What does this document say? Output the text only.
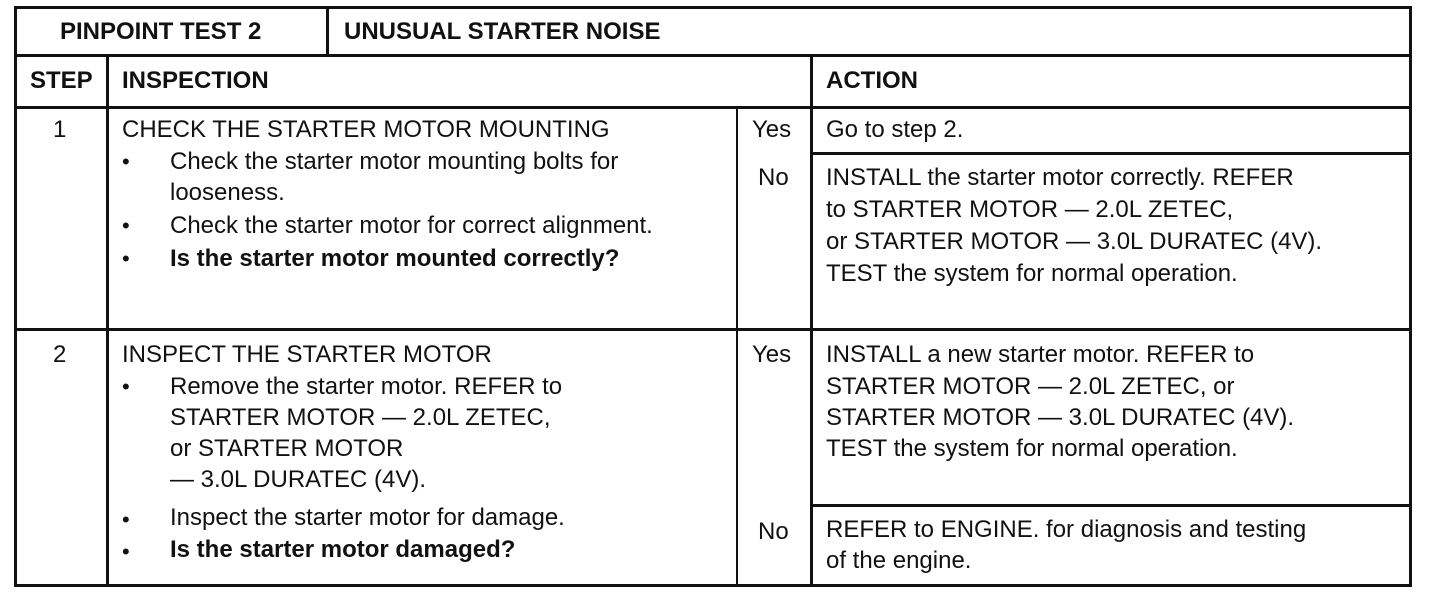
PINPOINT TEST 2	UNUSUAL STARTER NOISE
STEP INSPECTION	ACTION
1 CHECK THE STARTER MOTOR MOUNTING
• Check the starter motor mounting bolts for
looseness.
• Check the starter motor for correct alignment.
• Is the starter motor mounted correctly?
Yes Go to step 2.
No INSTALL the starter motor correctly. REFER
to STARTER MOTOR — 2.0L ZETEC,
or STARTER MOTOR — 3.0L DURATEC (4V).
TEST the system for normal operation.
2 INSPECT THE STARTER MOTOR
• Remove the starter motor. REFER to
STARTER MOTOR — 2.0L ZETEC,
or STARTER MOTOR
— 3.0L DURATEC (4V).
• Inspect the starter motor for damage.
• Is the starter motor damaged?
Yes INSTALL a new starter motor. REFER to
STARTER MOTOR — 2.0L ZETEC, or
STARTER MOTOR — 3.0L DURATEC (4V).
TEST the system for normal operation.
No REFER to ENGINE. for diagnosis and testing
of the engine.
